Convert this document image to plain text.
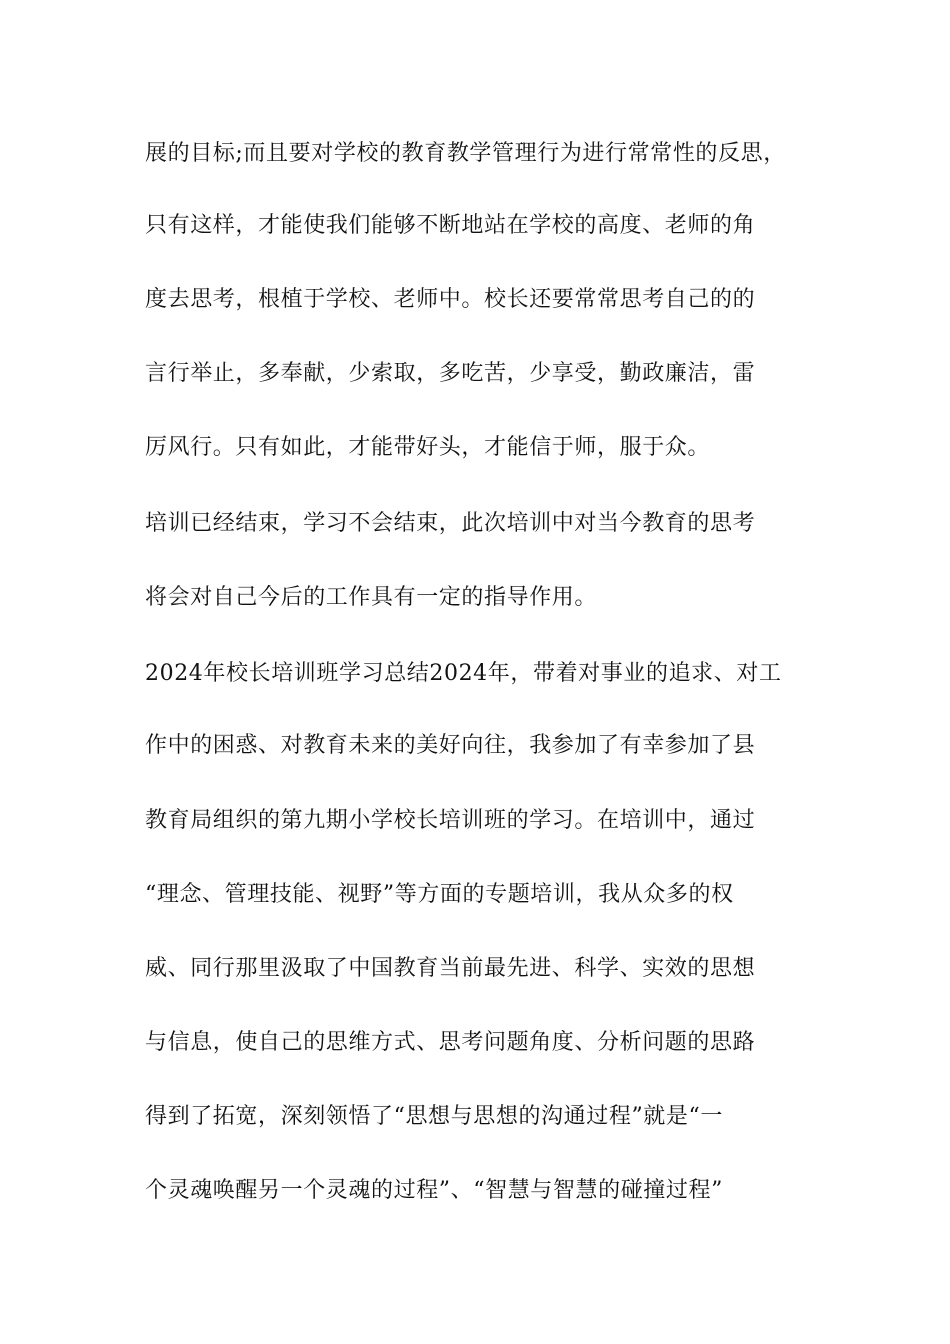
展的目标;而且要对学校的教育教学管理行为进行常常性的反思，
只有这样，才能使我们能够不断地站在学校的高度、老师的角
度去思考，根植于学校、老师中。校长还要常常思考自己的的
言行举止，多奉献，少索取，多吃苦，少享受，勤政廉洁，雷
厉风行。只有如此，才能带好头，才能信于师，服于众。
培训已经结束，学习不会结束，此次培训中对当今教育的思考
将会对自己今后的工作具有一定的指导作用。
2024年校长培训班学习总结2024年，带着对事业的追求、对工
作中的困惑、对教育未来的美好向往，我参加了有幸参加了县
教育局组织的第九期小学校长培训班的学习。在培训中，通过
“理念、管理技能、视野”等方面的专题培训，我从众多的权
威、同行那里汲取了中国教育当前最先进、科学、实效的思想
与信息，使自己的思维方式、思考问题角度、分析问题的思路
得到了拓宽，深刻领悟了“思想与思想的沟通过程”就是“一
个灵魂唤醒另一个灵魂的过程”、“智慧与智慧的碰撞过程”
